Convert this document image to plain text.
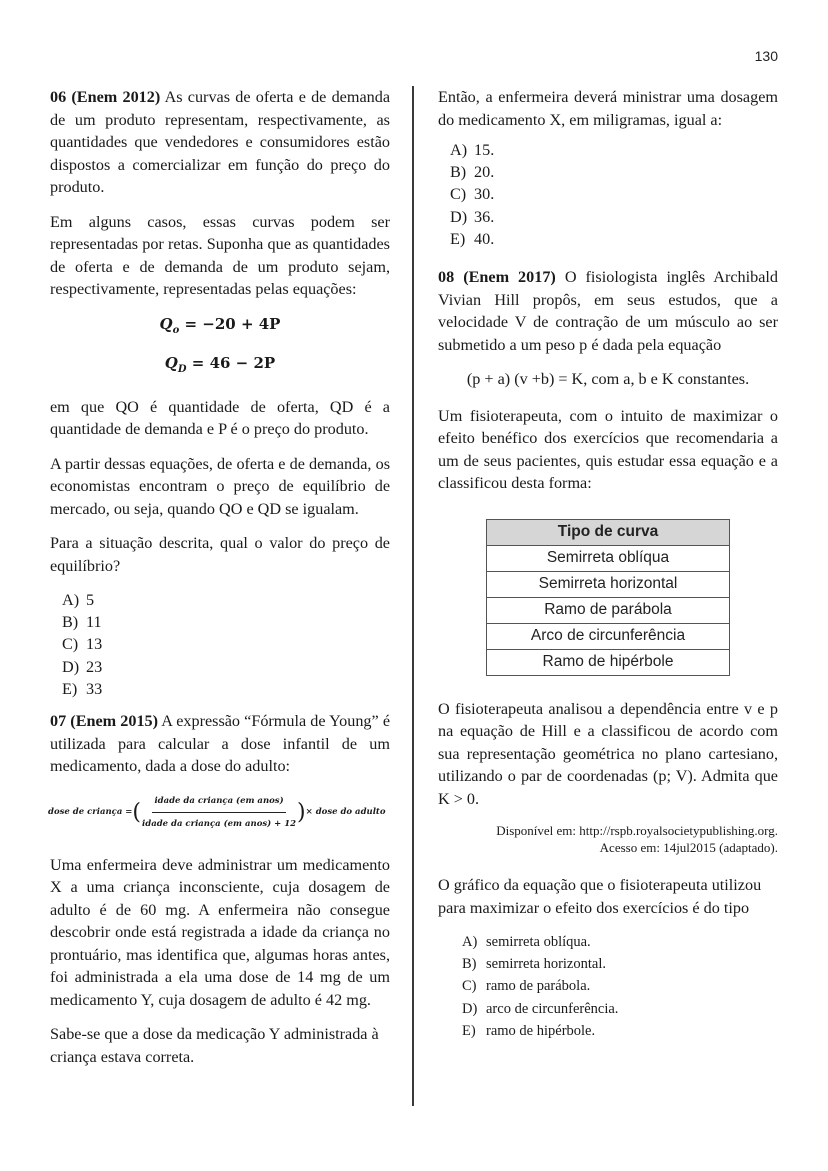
130

06 (Enem 2012) As curvas de oferta e de demanda de um produto representam, respectivamente, as quantidades que vendedores e consumidores estão dispostos a comercializar em função do preço do produto.

Em alguns casos, essas curvas podem ser representadas por retas. Suponha que as quantidades de oferta e de demanda de um produto sejam, respectivamente, representadas pelas equações:

$Q_o = -20 + 4P$
$Q_D = 46 - 2P$

em que QO é quantidade de oferta, QD é a quantidade de demanda e P é o preço do produto.

A partir dessas equações, de oferta e de demanda, os economistas encontram o preço de equilíbrio de mercado, ou seja, quando QO e QD se igualam.

Para a situação descrita, qual o valor do preço de equilíbrio?

A) 5
B) 11
C) 13
D) 23
E) 33

07 (Enem 2015) A expressão “Fórmula de Young” é utilizada para calcular a dose infantil de um medicamento, dada a dose do adulto:

dose de criança = ( $\frac{\text{idade da criança (em anos)}}{\text{idade da criança (em anos) + 12}}$ ) × dose do adulto

Uma enfermeira deve administrar um medicamento X a uma criança inconsciente, cuja dosagem de adulto é de 60 mg. A enfermeira não consegue descobrir onde está registrada a idade da criança no prontuário, mas identifica que, algumas horas antes, foi administrada a ela uma dose de 14 mg de um medicamento Y, cuja dosagem de adulto é 42 mg.

Sabe-se que a dose da medicação Y administrada à criança estava correta.

Então, a enfermeira deverá ministrar uma dosagem do medicamento X, em miligramas, igual a:

A) 15.
B) 20.
C) 30.
D) 36.
E) 40.

08 (Enem 2017) O fisiologista inglês Archibald Vivian Hill propôs, em seus estudos, que a velocidade V de contração de um músculo ao ser submetido a um peso p é dada pela equação

(p + a) (v +b) = K, com a, b e K constantes.

Um fisioterapeuta, com o intuito de maximizar o efeito benéfico dos exercícios que recomendaria a um de seus pacientes, quis estudar essa equação e a classificou desta forma:

Tipo de curva
Semirreta oblíqua
Semirreta horizontal
Ramo de parábola
Arco de circunferência
Ramo de hipérbole

O fisioterapeuta analisou a dependência entre v e p na equação de Hill e a classificou de acordo com sua representação geométrica no plano cartesiano, utilizando o par de coordenadas (p; V). Admita que K > 0.

Disponível em: http://rspb.royalsocietypublishing.org.
Acesso em: 14jul2015 (adaptado).

O gráfico da equação que o fisioterapeuta utilizou para maximizar o efeito dos exercícios é do tipo

A) semirreta oblíqua.
B) semirreta horizontal.
C) ramo de parábola.
D) arco de circunferência.
E) ramo de hipérbole.
